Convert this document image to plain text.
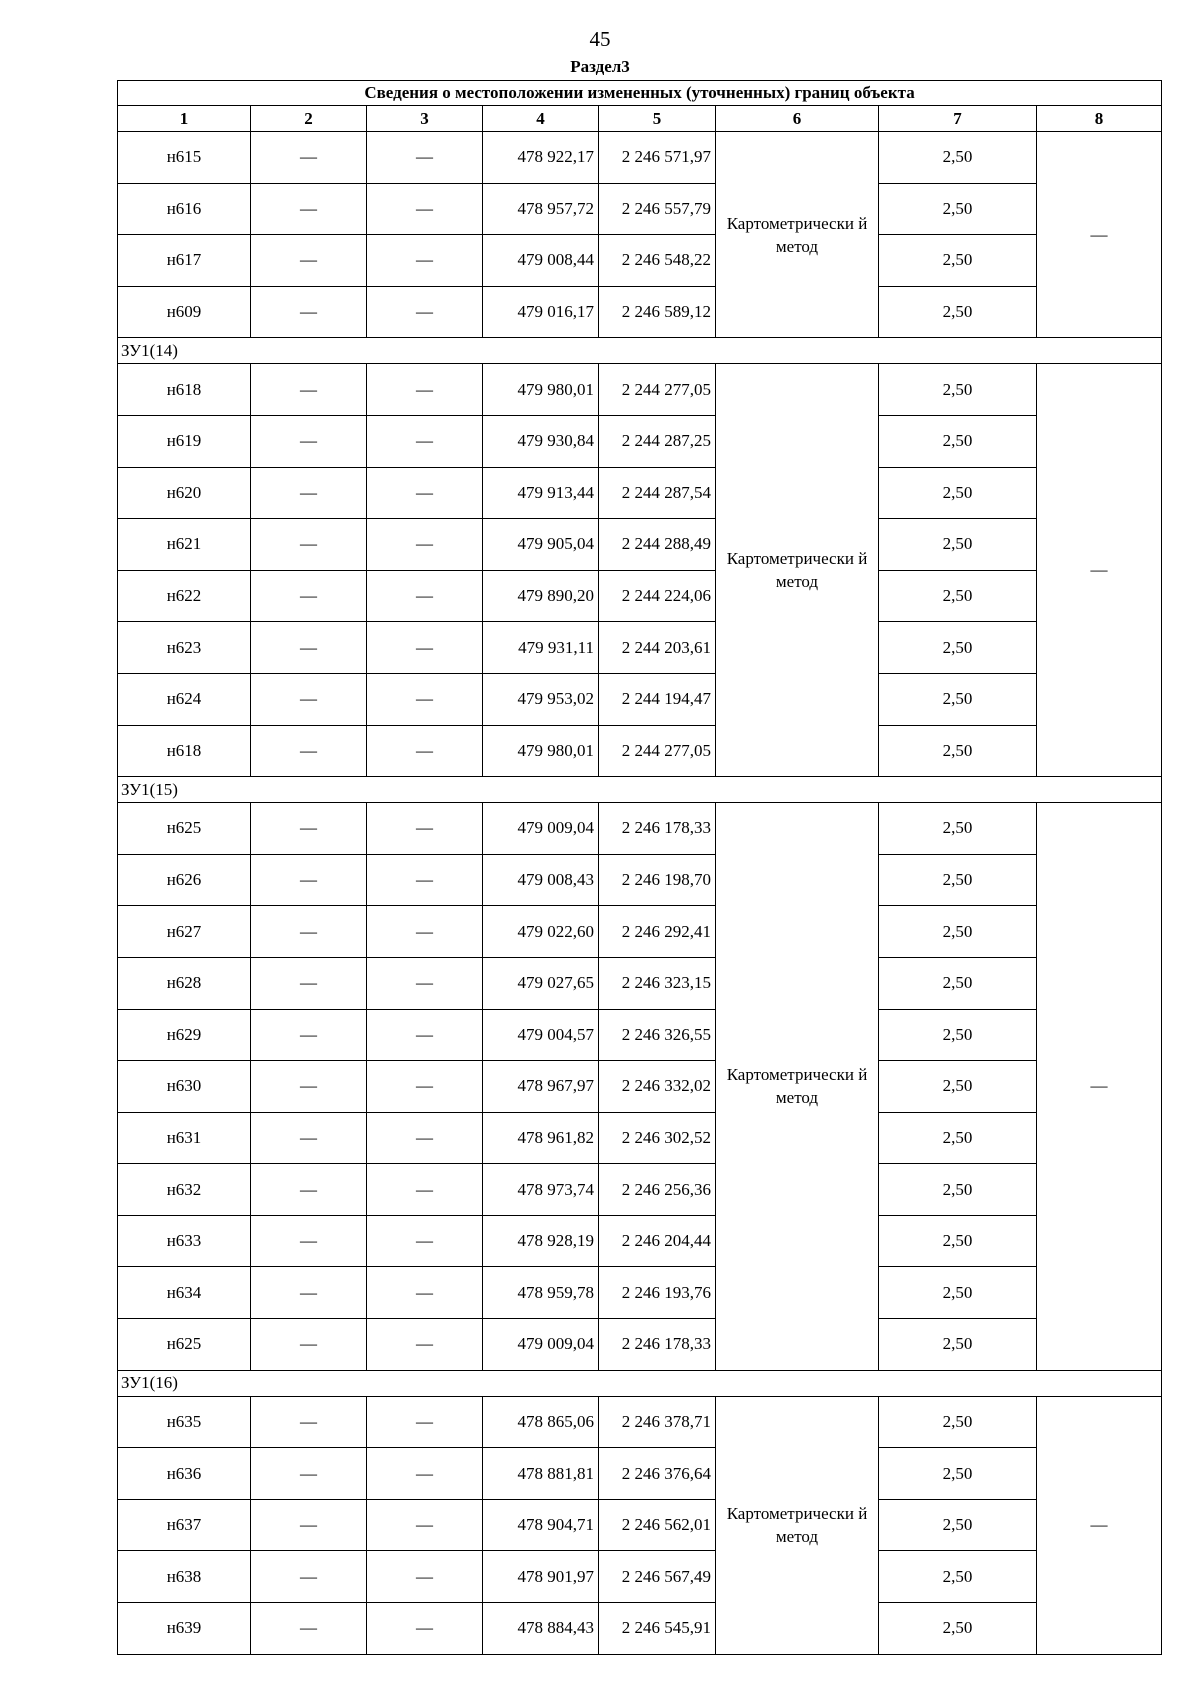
45
Раздел3
Сведения о местоположении измененных (уточненных) границ объекта							
1	2	3	4	5	6	7	8
н615	—	—	478 922,17	2 246 571,97	Картометрически й метод	2,50	—
н616	—	—	478 957,72	2 246 557,79		2,50	
н617	—	—	479 008,44	2 246 548,22		2,50	
н609	—	—	479 016,17	2 246 589,12		2,50	
ЗУ1(14)							
н618	—	—	479 980,01	2 244 277,05	Картометрически й метод	2,50	—
н619	—	—	479 930,84	2 244 287,25		2,50	
н620	—	—	479 913,44	2 244 287,54		2,50	
н621	—	—	479 905,04	2 244 288,49		2,50	
н622	—	—	479 890,20	2 244 224,06		2,50	
н623	—	—	479 931,11	2 244 203,61		2,50	
н624	—	—	479 953,02	2 244 194,47		2,50	
н618	—	—	479 980,01	2 244 277,05		2,50	
ЗУ1(15)							
н625	—	—	479 009,04	2 246 178,33	Картометрически й метод	2,50	—
н626	—	—	479 008,43	2 246 198,70		2,50	
н627	—	—	479 022,60	2 246 292,41		2,50	
н628	—	—	479 027,65	2 246 323,15		2,50	
н629	—	—	479 004,57	2 246 326,55		2,50	
н630	—	—	478 967,97	2 246 332,02		2,50	
н631	—	—	478 961,82	2 246 302,52		2,50	
н632	—	—	478 973,74	2 246 256,36		2,50	
н633	—	—	478 928,19	2 246 204,44		2,50	
н634	—	—	478 959,78	2 246 193,76		2,50	
н625	—	—	479 009,04	2 246 178,33		2,50	
ЗУ1(16)							
н635	—	—	478 865,06	2 246 378,71	Картометрически й метод	2,50	—
н636	—	—	478 881,81	2 246 376,64		2,50	
н637	—	—	478 904,71	2 246 562,01		2,50	
н638	—	—	478 901,97	2 246 567,49		2,50	
н639	—	—	478 884,43	2 246 545,91		2,50	
